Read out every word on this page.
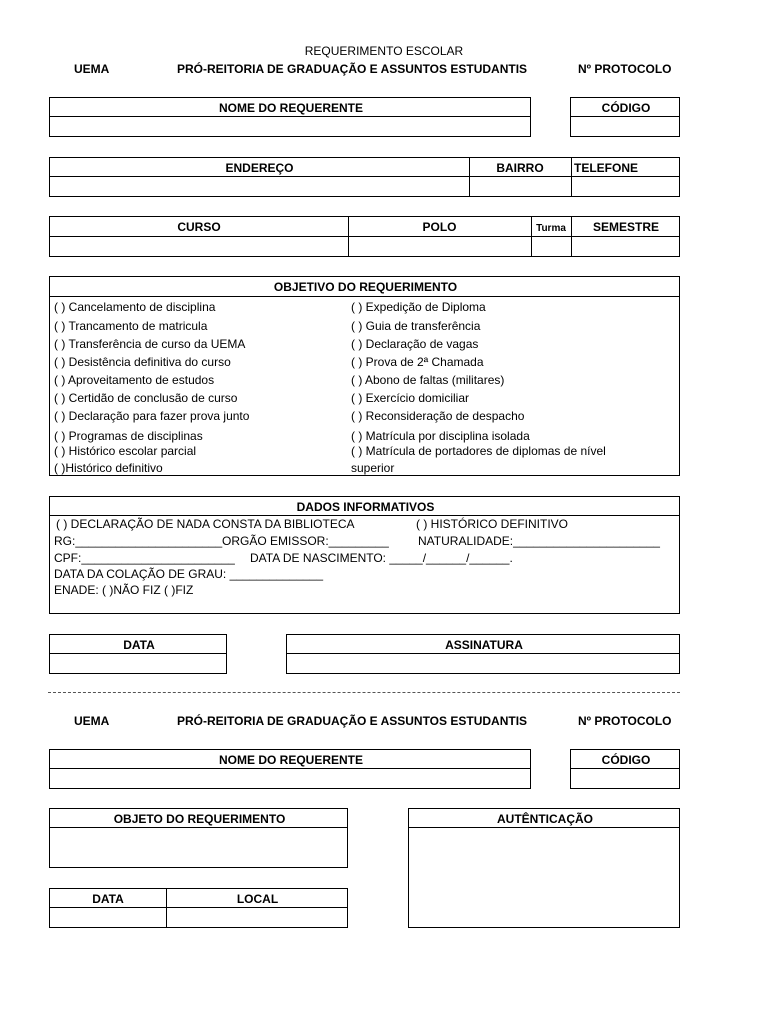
REQUERIMENTO ESCOLAR
UEMA	PRÓ-REITORIA DE GRADUAÇÃO E ASSUNTOS ESTUDANTIS	Nº PROTOCOLO
NOME DO REQUERENTE	CÓDIGO
ENDEREÇO	BAIRRO	TELEFONE
CURSO	POLO	Turma	SEMESTRE
OBJETIVO DO REQUERIMENTO
( ) Cancelamento de disciplina
( ) Trancamento de matricula
( ) Transferência de curso da UEMA
( ) Desistência definitiva do curso
( ) Aproveitamento de estudos
( ) Certidão de conclusão de curso
( ) Declaração para fazer prova junto
( ) Programas de disciplinas
( ) Histórico escolar parcial
( )Histórico definitivo
( ) Expedição de Diploma
( ) Guia de transferência
( ) Declaração de vagas
( ) Prova de 2ª Chamada
( ) Abono de faltas (militares)
( ) Exercício domiciliar
( ) Reconsideração de despacho
( ) Matrícula por disciplina isolada
( ) Matrícula de portadores de diplomas de nível
superior
DADOS INFORMATIVOS
( ) DECLARAÇÃO DE NADA CONSTA DA BIBLIOTECA	( ) HISTÓRICO DEFINITIVO
RG:______________________ ORGÃO EMISSOR:_________ NATURALIDADE:______________________
CPF:_______________________ DATA DE NASCIMENTO: _____/______/______.
DATA DA COLAÇÃO DE GRAU: ______________
ENADE: ( )NÃO FIZ ( )FIZ
DATA	ASSINATURA
UEMA	PRÓ-REITORIA DE GRADUAÇÃO E ASSUNTOS ESTUDANTIS	Nº PROTOCOLO
NOME DO REQUERENTE	CÓDIGO
OBJETO DO REQUERIMENTO	AUTÊNTICAÇÃO
DATA	LOCAL
